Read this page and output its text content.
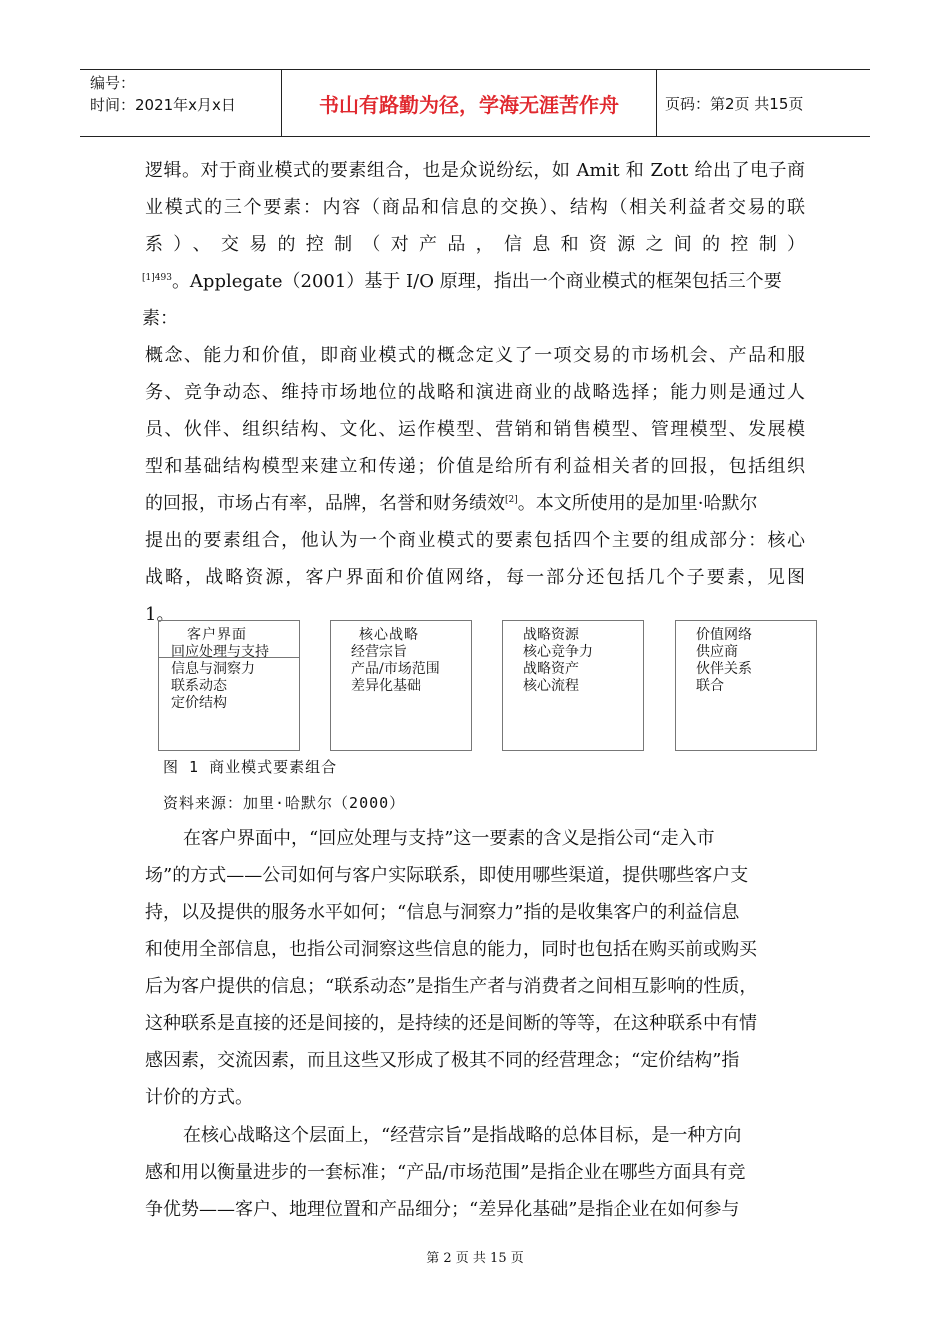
编号：
时间：2021年x月x日	书山有路勤为径，学海无涯苦作舟	页码：第2页 共15页

逻辑。对于商业模式的要素组合，也是众说纷纭，如 Amit 和 Zott 给出了电子商

业模式的三个要素：内容（商品和信息的交换）、结构（相关利益者交易的联

系）、交易的控制（对产品，信息和资源之间的控制）

$^{[1]493}$。Applegate（2001）基于 I/O 原理，指出一个商业模式的框架包括三个要素：

概念、能力和价值，即商业模式的概念定义了一项交易的市场机会、产品和服

务、竞争动态、维持市场地位的战略和演进商业的战略选择；能力则是通过人

员、伙伴、组织结构、文化、运作模型、营销和销售模型、管理模型、发展模

型和基础结构模型来建立和传递；价值是给所有利益相关者的回报，包括组织

的回报，市场占有率，品牌，名誉和财务绩效[2]。本文所使用的是加里·哈默尔

提出的要素组合，他认为一个商业模式的要素包括四个主要的组成部分：核心

战略，战略资源，客户界面和价值网络，每一部分还包括几个子要素，见图

1。

客户界面
回应处理与支持
信息与洞察力
联系动态
定价结构
核心战略
经营宗旨
产品/市场范围
差异化基础
战略资源
核心竞争力
战略资产
核心流程
价值网络
供应商
伙伴关系
联合
图 1 商业模式要素组合
资料来源：加里·哈默尔（2000）

在客户界面中，“回应处理与支持”这一要素的含义是指公司“走入市

场”的方式——公司如何与客户实际联系，即使用哪些渠道，提供哪些客户支

持，以及提供的服务水平如何；“信息与洞察力”指的是收集客户的利益信息

和使用全部信息，也指公司洞察这些信息的能力，同时也包括在购买前或购买

后为客户提供的信息；“联系动态”是指生产者与消费者之间相互影响的性质，

这种联系是直接的还是间接的，是持续的还是间断的等等，在这种联系中有情

感因素，交流因素，而且这些又形成了极其不同的经营理念；“定价结构”指

计价的方式。

在核心战略这个层面上，“经营宗旨”是指战略的总体目标，是一种方向

感和用以衡量进步的一套标准；“产品/市场范围”是指企业在哪些方面具有竞

争优势——客户、地理位置和产品细分；“差异化基础”是指企业在如何参与

第 2 页 共 15 页
